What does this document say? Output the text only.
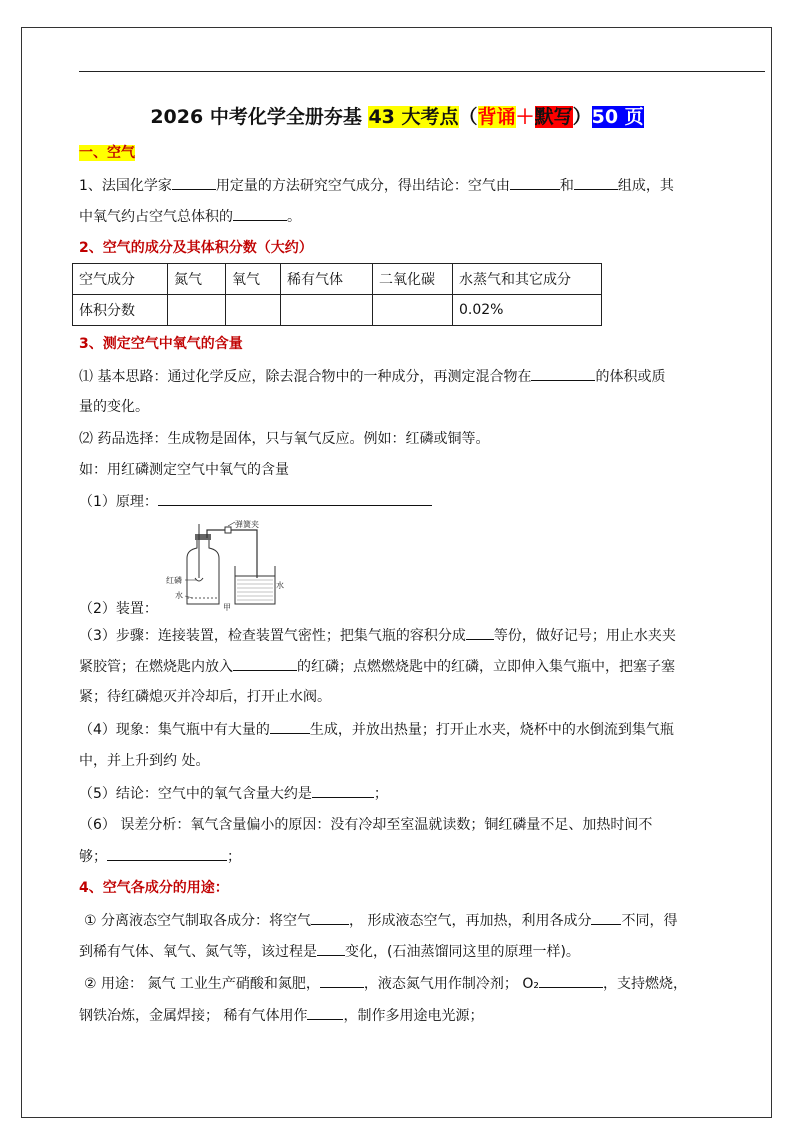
2026 中考化学全册夯基 43 大考点（背诵＋默写）50 页
一、空气
1、法国化学家	用定量的方法研究空气成分，得出结论：空气由	和	组成，其
中氧气约占空气总体积的	。
2、空气的成分及其体积分数（大约）
空气成分	氮气	氧气	稀有气体	二氧化碳	水蒸气和其它成分
体积分数					0.02%
3、测定空气中氧气的含量
⑴ 基本思路：通过化学反应，除去混合物中的一种成分，再测定混合物在	的体积或质
量的变化。
⑵ 药品选择：生成物是固体，只与氧气反应。例如：红磷或铜等。
如：用红磷测定空气中氧气的含量
（1）原理：
弹簧夹
红磷
水
水
甲
（2）装置：
（3）步骤：连接装置，检查装置气密性；把集气瓶的容积分成 等份，做好记号；用止水夹夹
紧胶管；在燃烧匙内放入	的红磷；点燃燃烧匙中的红磷，立即伸入集气瓶中，把塞子塞
紧；待红磷熄灭并冷却后，打开止水阀。
（4）现象：集气瓶中有大量的	生成，并放出热量；打开止水夹，烧杯中的水倒流到集气瓶
中，并上升到约 处。
（5）结论：空气中的氧气含量大约是	；
（6） 误差分析：氧气含量偏小的原因：没有冷却至室温就读数；铜红磷量不足、加热时间不
够；	；
4、空气各成分的用途：
① 分离液态空气制取各成分：将空气	， 形成液态空气，再加热，利用各成分 不同，得
到稀有气体、氧气、氮气等，该过程是 变化，(石油蒸馏同这里的原理一样)。
② 用途： 氮气 工业生产硝酸和氮肥，	，液态氮气用作制冷剂； O₂	，支持燃烧，
钢铁冶炼，金属焊接； 稀有气体用作	，制作多用途电光源；
